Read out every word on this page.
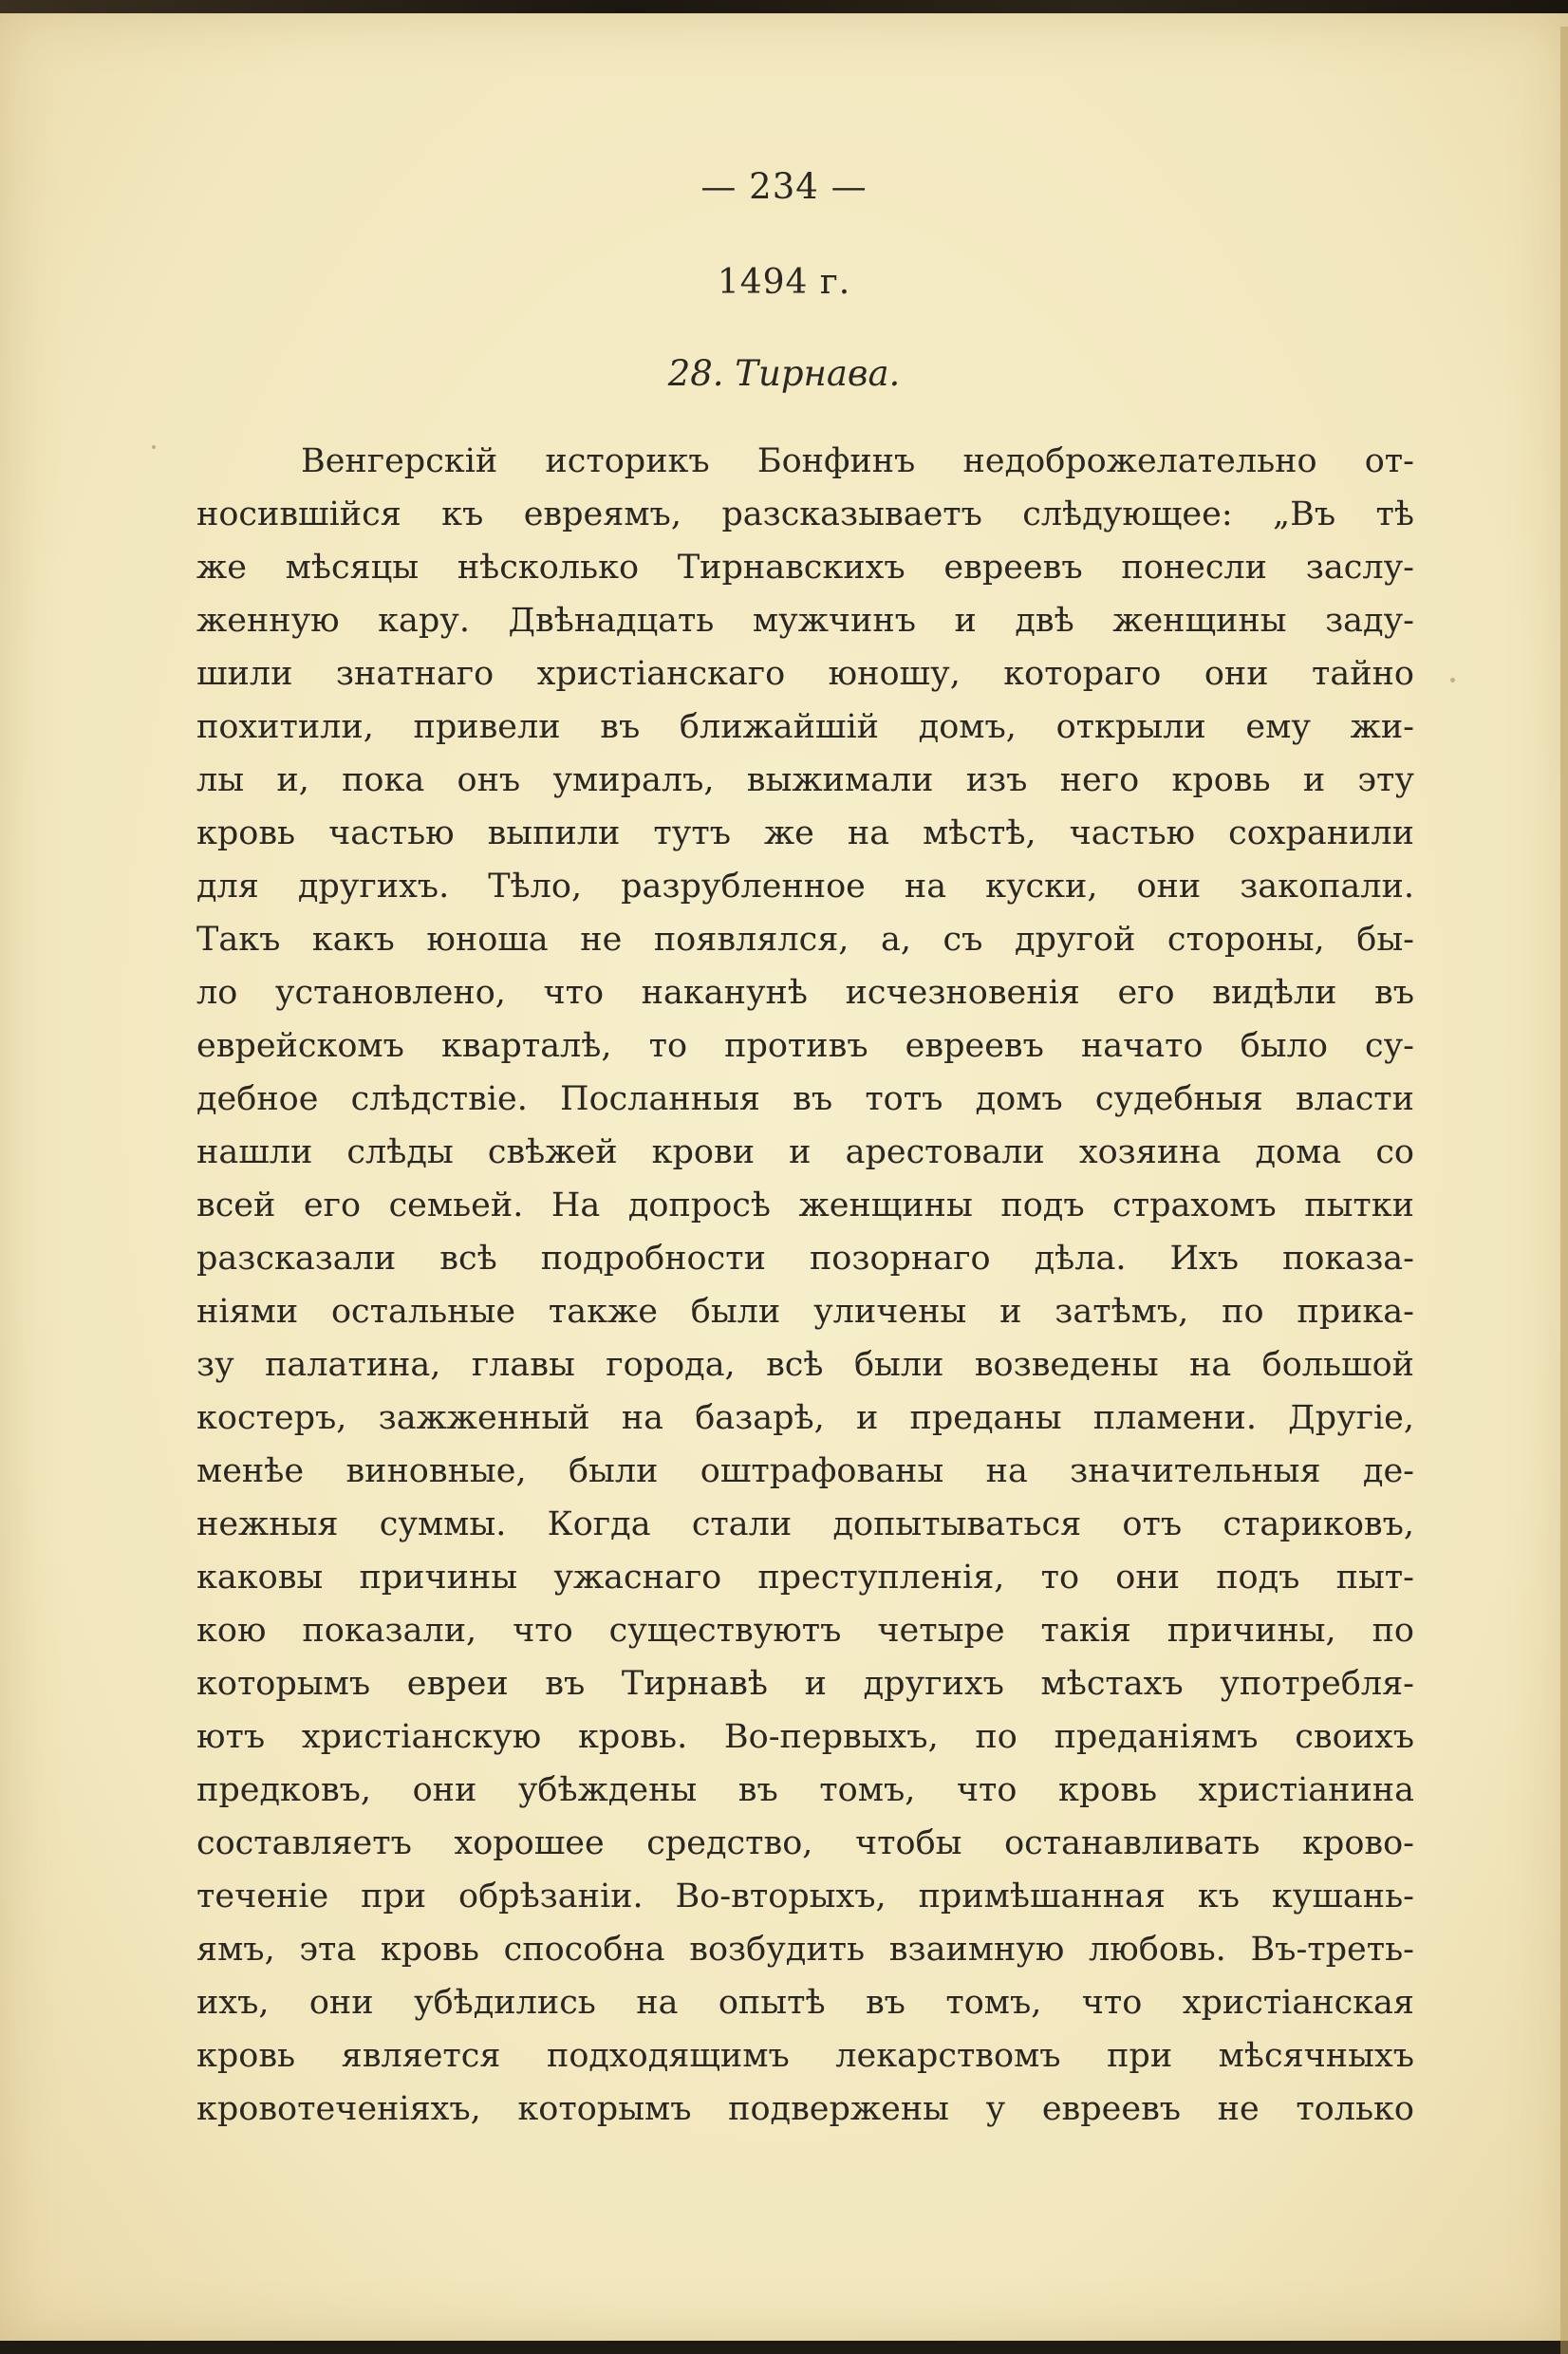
— 234 —
1494 г.
28. Тирнава.
Венгерскій историкъ Бонфинъ недоброжелательно от-
носившійся къ евреямъ, разсказываетъ слѣдующее: „Въ тѣ
же мѣсяцы нѣсколько Тирнавскихъ евреевъ понесли заслу-
женную кару. Двѣнадцать мужчинъ и двѣ женщины заду-
шили знатнаго христіанскаго юношу, котораго они тайно
похитили, привели въ ближайшій домъ, открыли ему жи-
лы и, пока онъ умиралъ, выжимали изъ него кровь и эту
кровь частью выпили тутъ же на мѣстѣ, частью сохранили
для другихъ. Тѣло, разрубленное на куски, они закопали.
Такъ какъ юноша не появлялся, а, съ другой стороны, бы-
ло установлено, что наканунѣ исчезновенія его видѣли въ
еврейскомъ кварталѣ, то противъ евреевъ начато было су-
дебное слѣдствіе. Посланныя въ тотъ домъ судебныя власти
нашли слѣды свѣжей крови и арестовали хозяина дома со
всей его семьей. На допросѣ женщины подъ страхомъ пытки
разсказали всѣ подробности позорнаго дѣла. Ихъ показа-
ніями остальные также были уличены и затѣмъ, по прика-
зу палатина, главы города, всѣ были возведены на большой
костеръ, зажженный на базарѣ, и преданы пламени. Другіе,
менѣе виновные, были оштрафованы на значительныя де-
нежныя суммы. Когда стали допытываться отъ стариковъ,
каковы причины ужаснаго преступленія, то они подъ пыт-
кою показали, что существуютъ четыре такія причины, по
которымъ евреи въ Тирнавѣ и другихъ мѣстахъ употребля-
ютъ христіанскую кровь. Во-первыхъ, по преданіямъ своихъ
предковъ, они убѣждены въ томъ, что кровь христіанина
составляетъ хорошее средство, чтобы останавливать крово-
теченіе при обрѣзаніи. Во-вторыхъ, примѣшанная къ кушань-
ямъ, эта кровь способна возбудить взаимную любовь. Въ-треть-
ихъ, они убѣдились на опытѣ въ томъ, что христіанская
кровь является подходящимъ лекарствомъ при мѣсячныхъ
кровотеченіяхъ, которымъ подвержены у евреевъ не только
